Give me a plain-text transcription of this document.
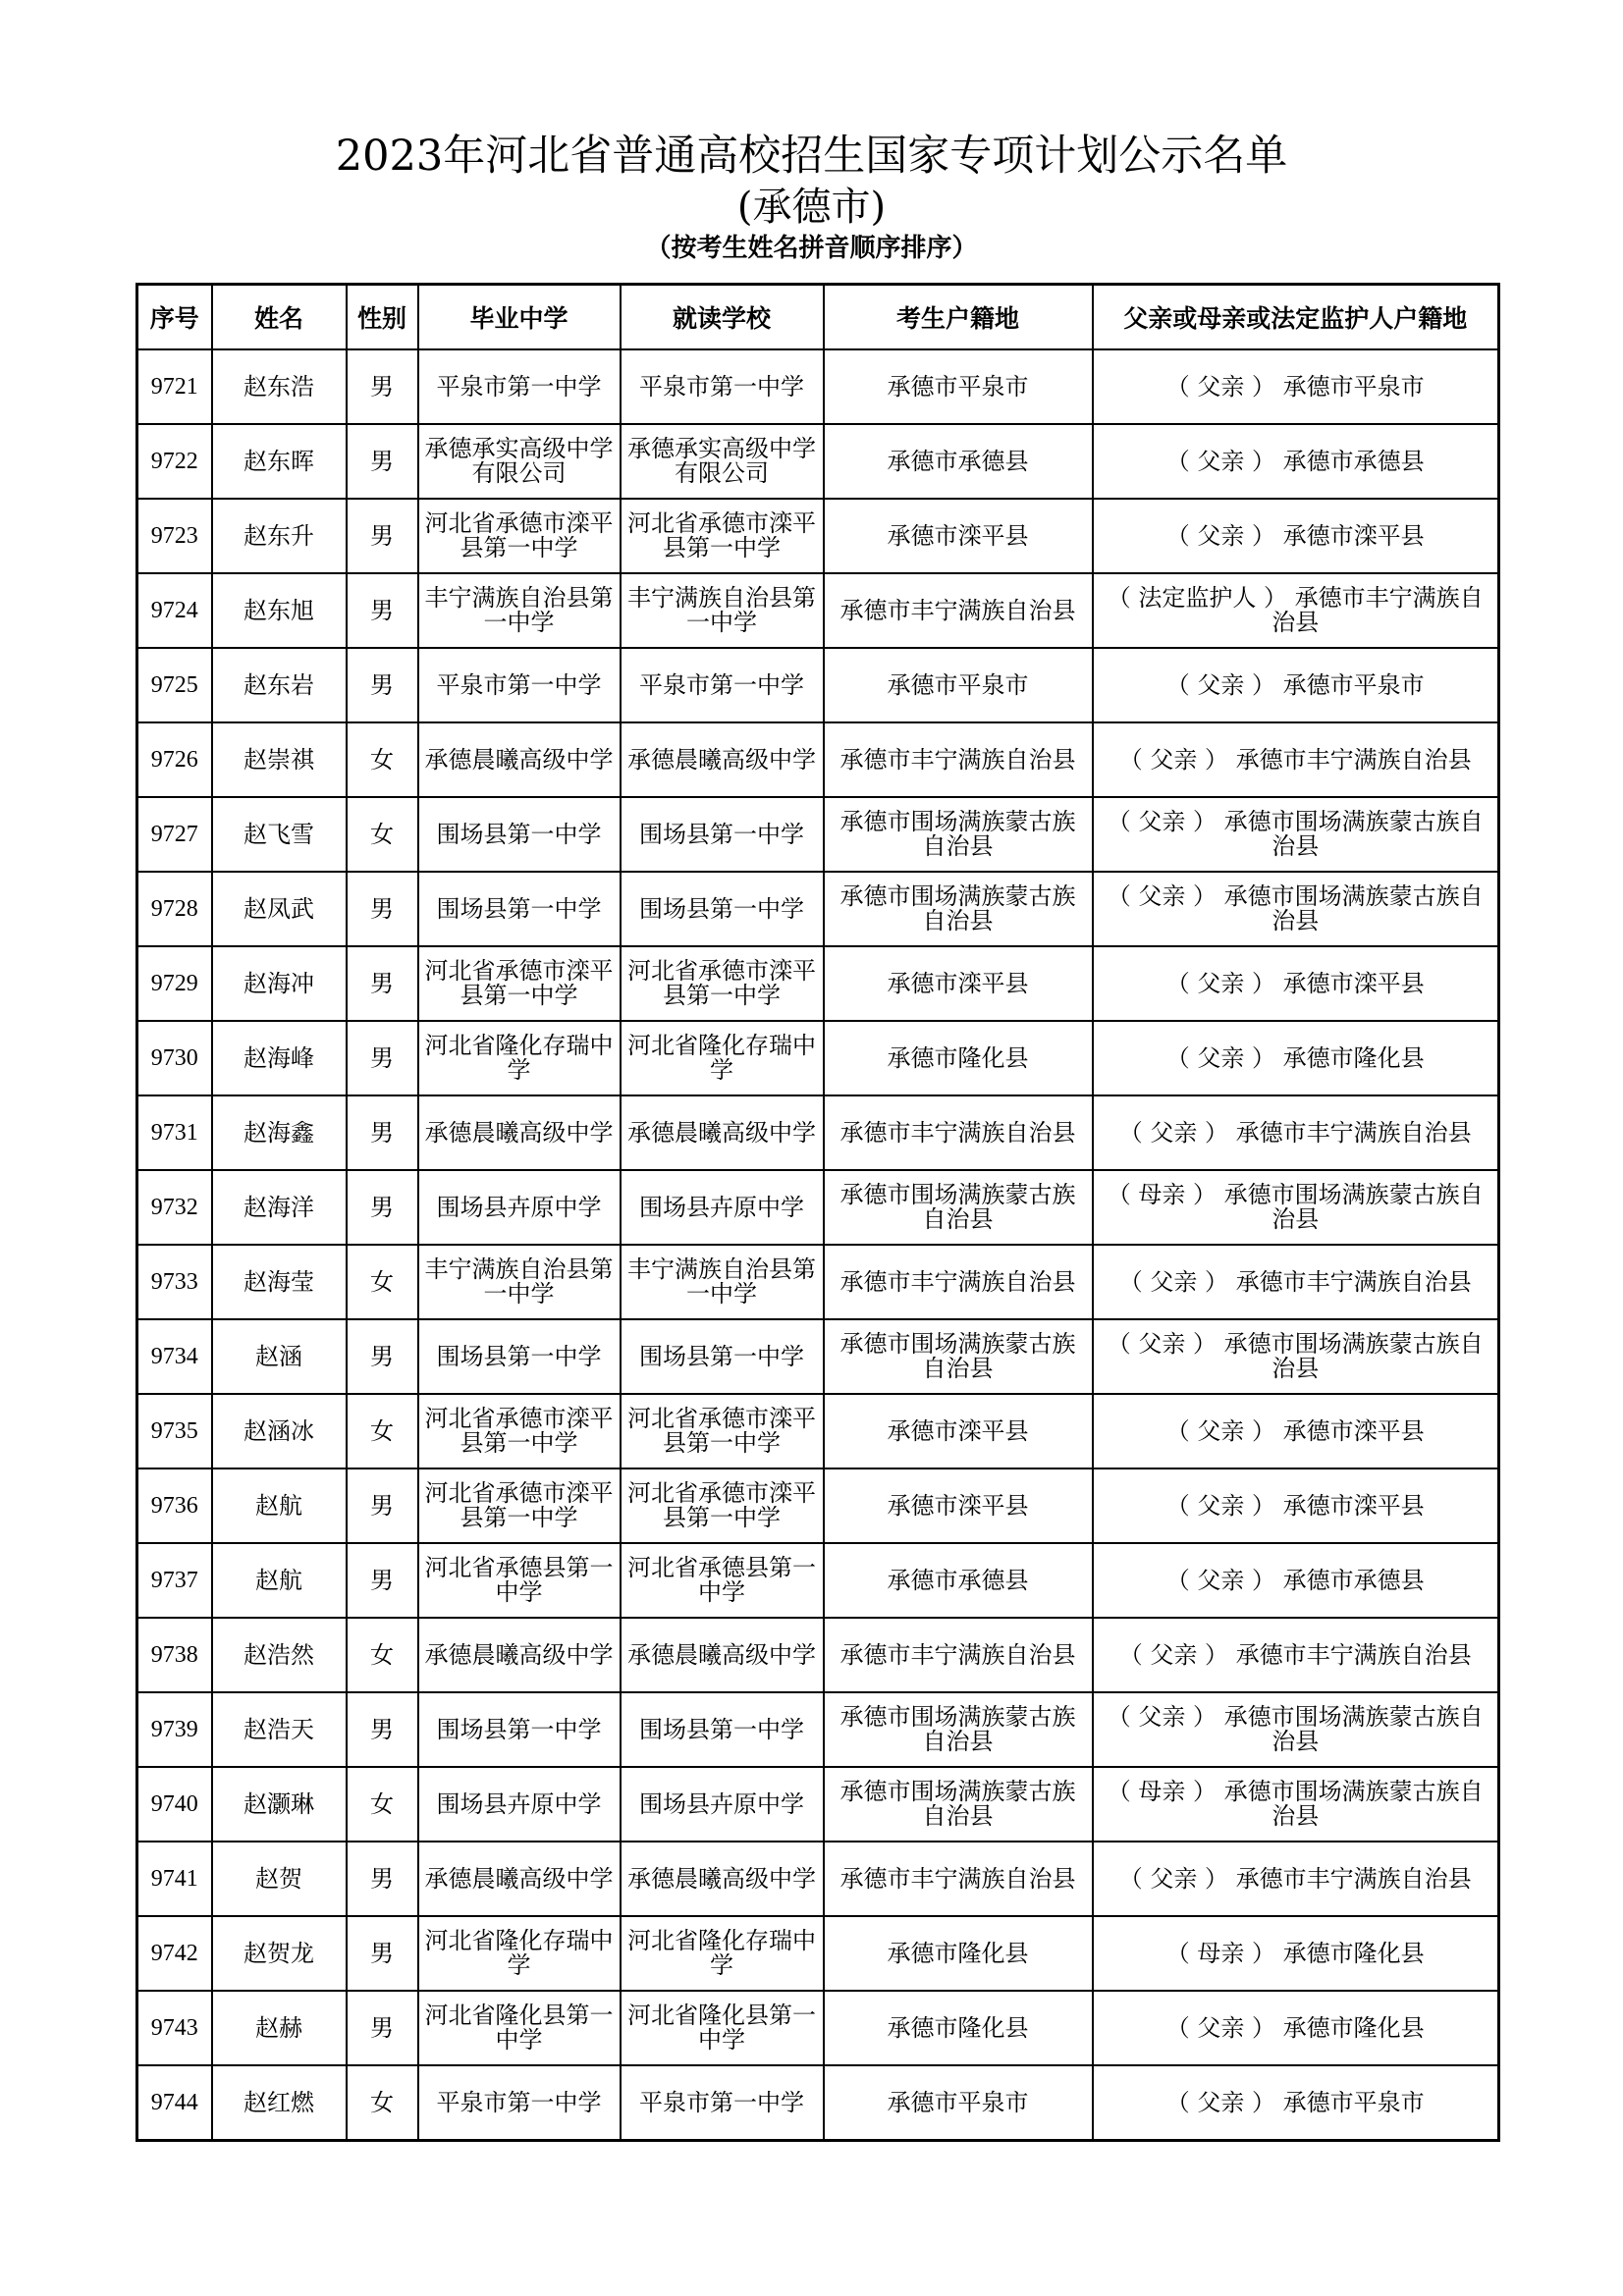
2023年河北省普通高校招生国家专项计划公示名单
(承德市)
（按考生姓名拼音顺序排序）
序号	姓名	性别	毕业中学	就读学校	考生户籍地	父亲或母亲或法定监护人户籍地
9721	赵东浩	男	平泉市第一中学	平泉市第一中学	承德市平泉市	（ 父亲 ） 承德市平泉市
9722	赵东晖	男	承德承实高级中学有限公司	承德承实高级中学有限公司	承德市承德县	（ 父亲 ） 承德市承德县
9723	赵东升	男	河北省承德市滦平县第一中学	河北省承德市滦平县第一中学	承德市滦平县	（ 父亲 ） 承德市滦平县
9724	赵东旭	男	丰宁满族自治县第一中学	丰宁满族自治县第一中学	承德市丰宁满族自治县	（ 法定监护人 ） 承德市丰宁满族自治县
9725	赵东岩	男	平泉市第一中学	平泉市第一中学	承德市平泉市	（ 父亲 ） 承德市平泉市
9726	赵崇祺	女	承德晨曦高级中学	承德晨曦高级中学	承德市丰宁满族自治县	（ 父亲 ） 承德市丰宁满族自治县
9727	赵飞雪	女	围场县第一中学	围场县第一中学	承德市围场满族蒙古族自治县	（ 父亲 ） 承德市围场满族蒙古族自治县
9728	赵凤武	男	围场县第一中学	围场县第一中学	承德市围场满族蒙古族自治县	（ 父亲 ） 承德市围场满族蒙古族自治县
9729	赵海冲	男	河北省承德市滦平县第一中学	河北省承德市滦平县第一中学	承德市滦平县	（ 父亲 ） 承德市滦平县
9730	赵海峰	男	河北省隆化存瑞中学	河北省隆化存瑞中学	承德市隆化县	（ 父亲 ） 承德市隆化县
9731	赵海鑫	男	承德晨曦高级中学	承德晨曦高级中学	承德市丰宁满族自治县	（ 父亲 ） 承德市丰宁满族自治县
9732	赵海洋	男	围场县卉原中学	围场县卉原中学	承德市围场满族蒙古族自治县	（ 母亲 ） 承德市围场满族蒙古族自治县
9733	赵海莹	女	丰宁满族自治县第一中学	丰宁满族自治县第一中学	承德市丰宁满族自治县	（ 父亲 ） 承德市丰宁满族自治县
9734	赵涵	男	围场县第一中学	围场县第一中学	承德市围场满族蒙古族自治县	（ 父亲 ） 承德市围场满族蒙古族自治县
9735	赵涵冰	女	河北省承德市滦平县第一中学	河北省承德市滦平县第一中学	承德市滦平县	（ 父亲 ） 承德市滦平县
9736	赵航	男	河北省承德市滦平县第一中学	河北省承德市滦平县第一中学	承德市滦平县	（ 父亲 ） 承德市滦平县
9737	赵航	男	河北省承德县第一中学	河北省承德县第一中学	承德市承德县	（ 父亲 ） 承德市承德县
9738	赵浩然	女	承德晨曦高级中学	承德晨曦高级中学	承德市丰宁满族自治县	（ 父亲 ） 承德市丰宁满族自治县
9739	赵浩天	男	围场县第一中学	围场县第一中学	承德市围场满族蒙古族自治县	（ 父亲 ） 承德市围场满族蒙古族自治县
9740	赵灏琳	女	围场县卉原中学	围场县卉原中学	承德市围场满族蒙古族自治县	（ 母亲 ） 承德市围场满族蒙古族自治县
9741	赵贺	男	承德晨曦高级中学	承德晨曦高级中学	承德市丰宁满族自治县	（ 父亲 ） 承德市丰宁满族自治县
9742	赵贺龙	男	河北省隆化存瑞中学	河北省隆化存瑞中学	承德市隆化县	（ 母亲 ） 承德市隆化县
9743	赵赫	男	河北省隆化县第一中学	河北省隆化县第一中学	承德市隆化县	（ 父亲 ） 承德市隆化县
9744	赵红燃	女	平泉市第一中学	平泉市第一中学	承德市平泉市	（ 父亲 ） 承德市平泉市
